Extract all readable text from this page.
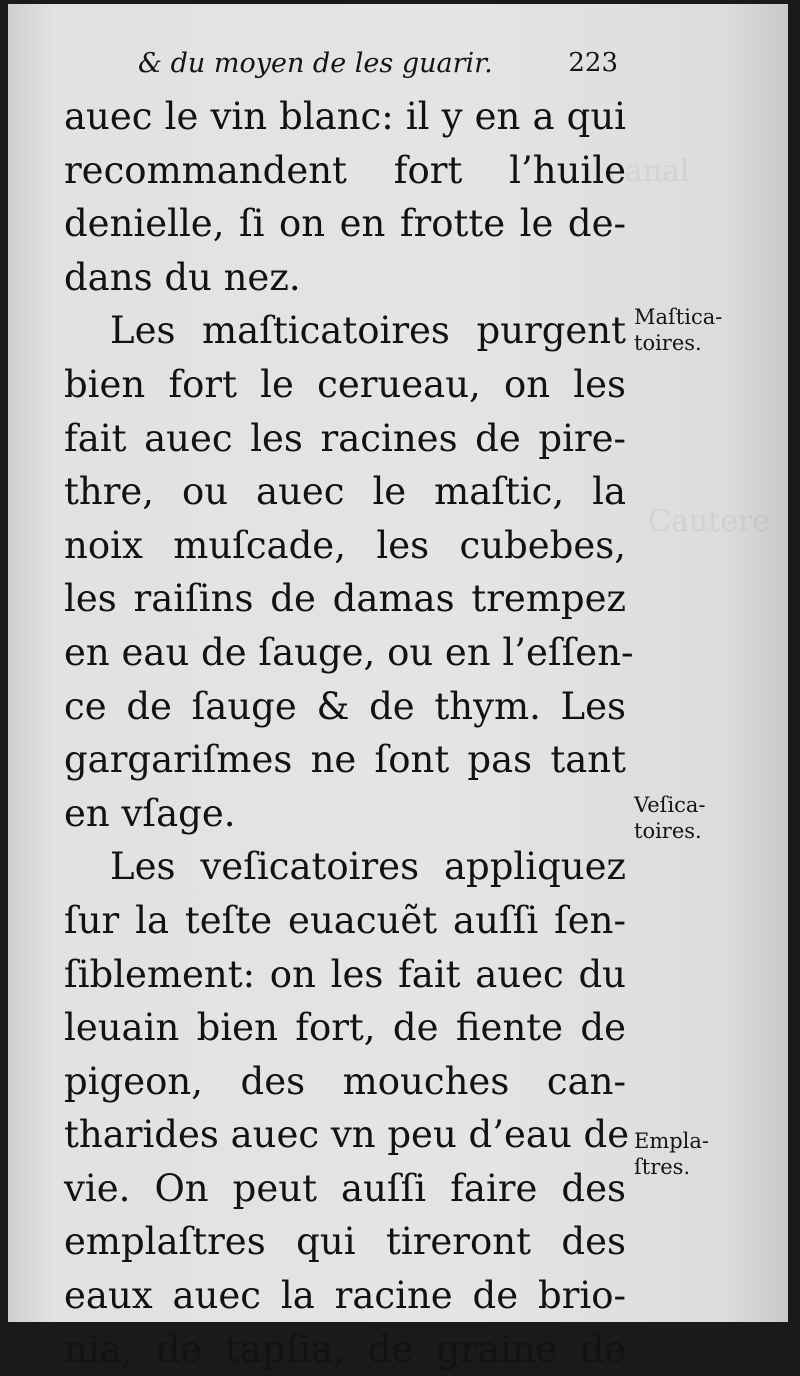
canal
Cautere
& du moyen de les guarir.	223
auec le vin blanc: il y en a qui
recommandent fort l’huile
denielle, ſi on en frotte le de-
dans du nez.
Les maſticatoires purgent
bien fort le cerueau, on les
fait auec les racines de pire-
thre, ou auec le maſtic, la
noix muſcade, les cubebes,
les raiſins de damas trempez
en eau de ſauge, ou en l’eſſen-
ce de ſauge & de thym. Les
gargariſmes ne ſont pas tant
en vſage.
Les veſicatoires appliquez
ſur la teſte euacuẽt auſſi ſen-
ſiblement: on les fait auec du
leuain bien fort, de fiente de
pigeon, des mouches can-
tharides auec vn peu d’eau de
vie. On peut auſſi faire des
emplaſtres qui tireront des
eaux auec la racine de brio-
nia, de tapſia, de graine de
Maſtica-
toires.
Veſica-
toires.
Empla-
ſtres.
